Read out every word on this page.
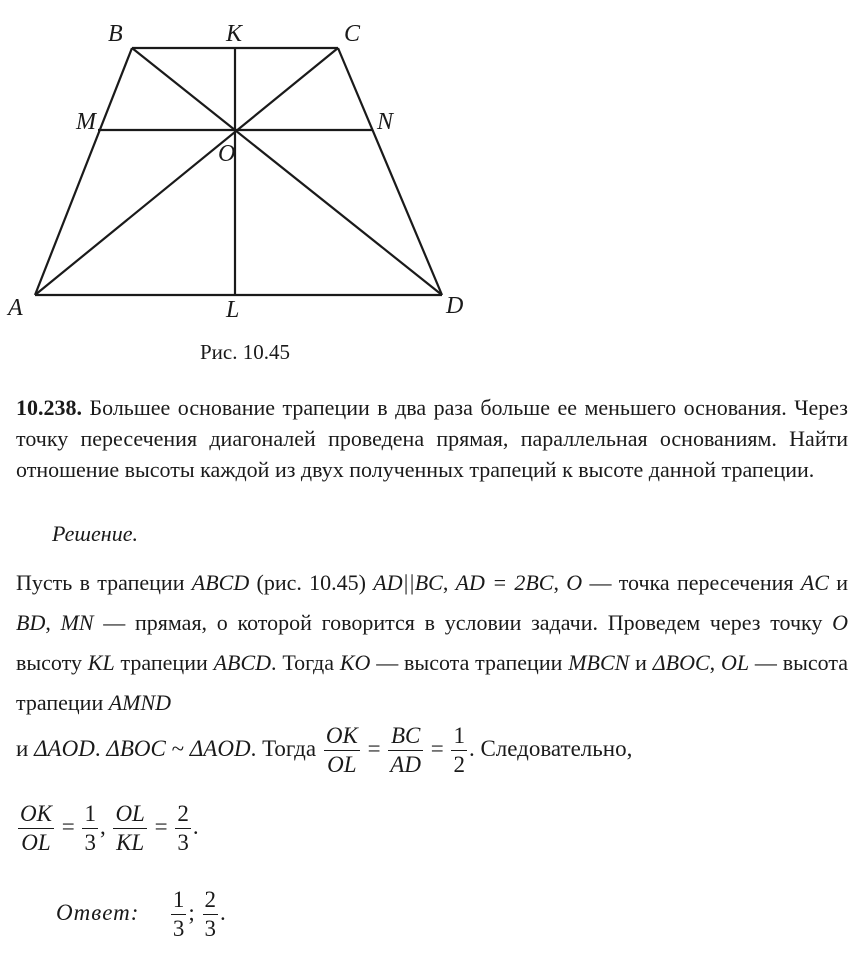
B	K	C
M	N
O
A	L	D
Рис. 10.45
10.238. Большее основание трапеции в два раза больше ее меньшего основания. Через точку пересечения диагоналей проведена прямая, параллельная основаниям. Найти отношение высоты каждой из двух полученных трапеций к высоте данной трапеции.
Решение.
Пусть в трапеции ABCD (рис. 10.45) AD||BC, AD = 2BC, O — точка пересечения AC и BD, MN — прямая, о которой говорится в условии задачи. Проведем через точку O высоту KL трапеции ABCD. Тогда KO — высота трапеции MBCN и ΔBOC, OL — высота трапеции AMND
и ΔAOD. ΔBOC ~ ΔAOD. Тогда $\frac{OK}{OL} = \frac{BC}{AD} = \frac{1}{2}$ . Следовательно,
$\frac{OK}{OL} = \frac{1}{3}$ , $\frac{OL}{KL} = \frac{2}{3}$ .
Ответ: $\frac{1}{3}$ ; $\frac{2}{3}$ .
